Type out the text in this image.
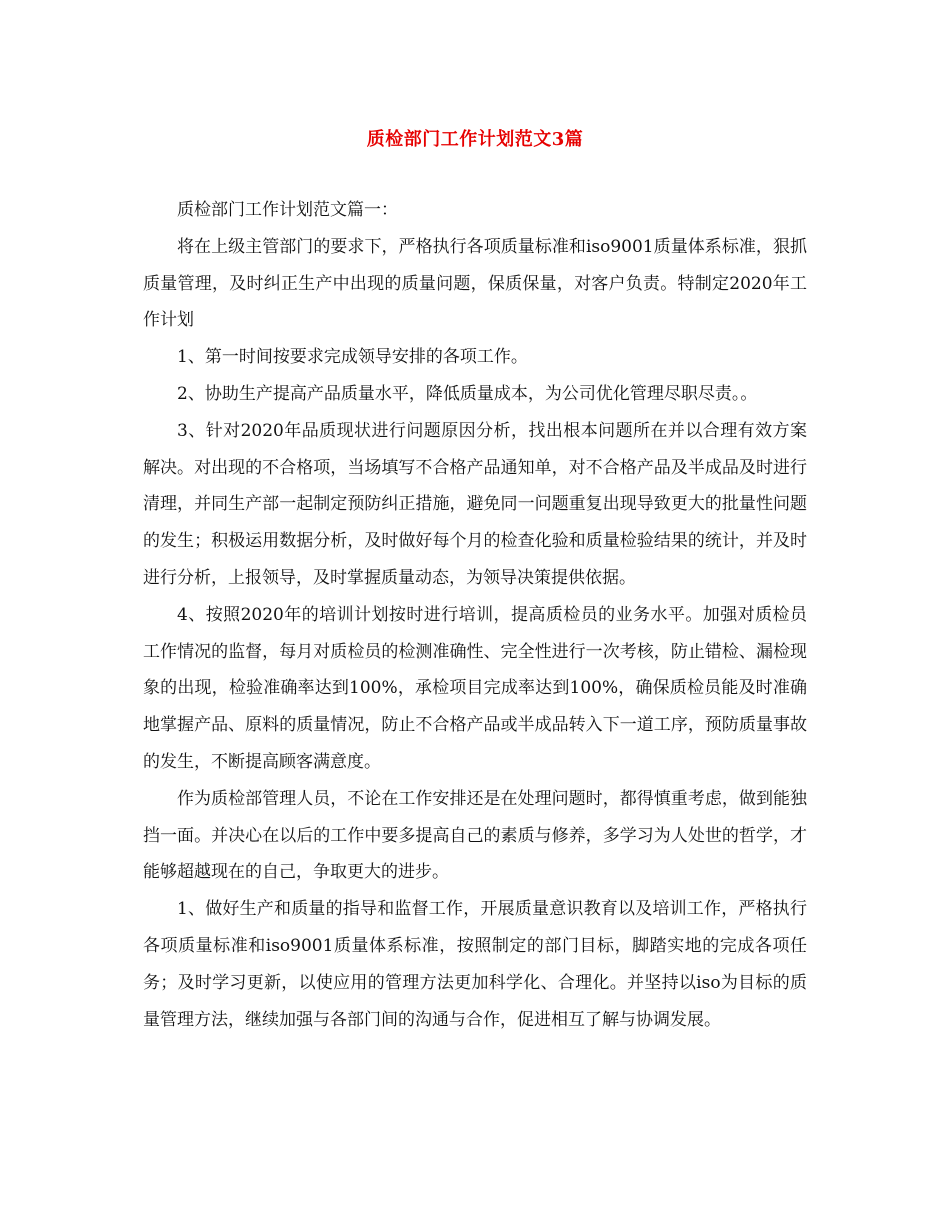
质检部门工作计划范文3篇

质检部门工作计划范文篇一：

将在上级主管部门的要求下，严格执行各项质量标准和iso9001质量体系标准，狠抓质量管理，及时纠正生产中出现的质量问题，保质保量，对客户负责。特制定2020年工作计划

1、第一时间按要求完成领导安排的各项工作。

2、协助生产提高产品质量水平，降低质量成本，为公司优化管理尽职尽责。。

3、针对2020年品质现状进行问题原因分析，找出根本问题所在并以合理有效方案解决。对出现的不合格项，当场填写不合格产品通知单，对不合格产品及半成品及时进行清理，并同生产部一起制定预防纠正措施，避免同一问题重复出现导致更大的批量性问题的发生；积极运用数据分析，及时做好每个月的检查化验和质量检验结果的统计，并及时进行分析，上报领导，及时掌握质量动态，为领导决策提供依据。

4、按照2020年的培训计划按时进行培训，提高质检员的业务水平。加强对质检员工作情况的监督，每月对质检员的检测准确性、完全性进行一次考核，防止错检、漏检现象的出现，检验准确率达到100%，承检项目完成率达到100%，确保质检员能及时准确地掌握产品、原料的质量情况，防止不合格产品或半成品转入下一道工序，预防质量事故的发生，不断提高顾客满意度。

作为质检部管理人员，不论在工作安排还是在处理问题时，都得慎重考虑，做到能独挡一面。并决心在以后的工作中要多提高自己的素质与修养，多学习为人处世的哲学，才能够超越现在的自己，争取更大的进步。

1、做好生产和质量的指导和监督工作，开展质量意识教育以及培训工作，严格执行各项质量标准和iso9001质量体系标准，按照制定的部门目标，脚踏实地的完成各项任务；及时学习更新，以使应用的管理方法更加科学化、合理化。并坚持以iso为目标的质量管理方法，继续加强与各部门间的沟通与合作，促进相互了解与协调发展。
